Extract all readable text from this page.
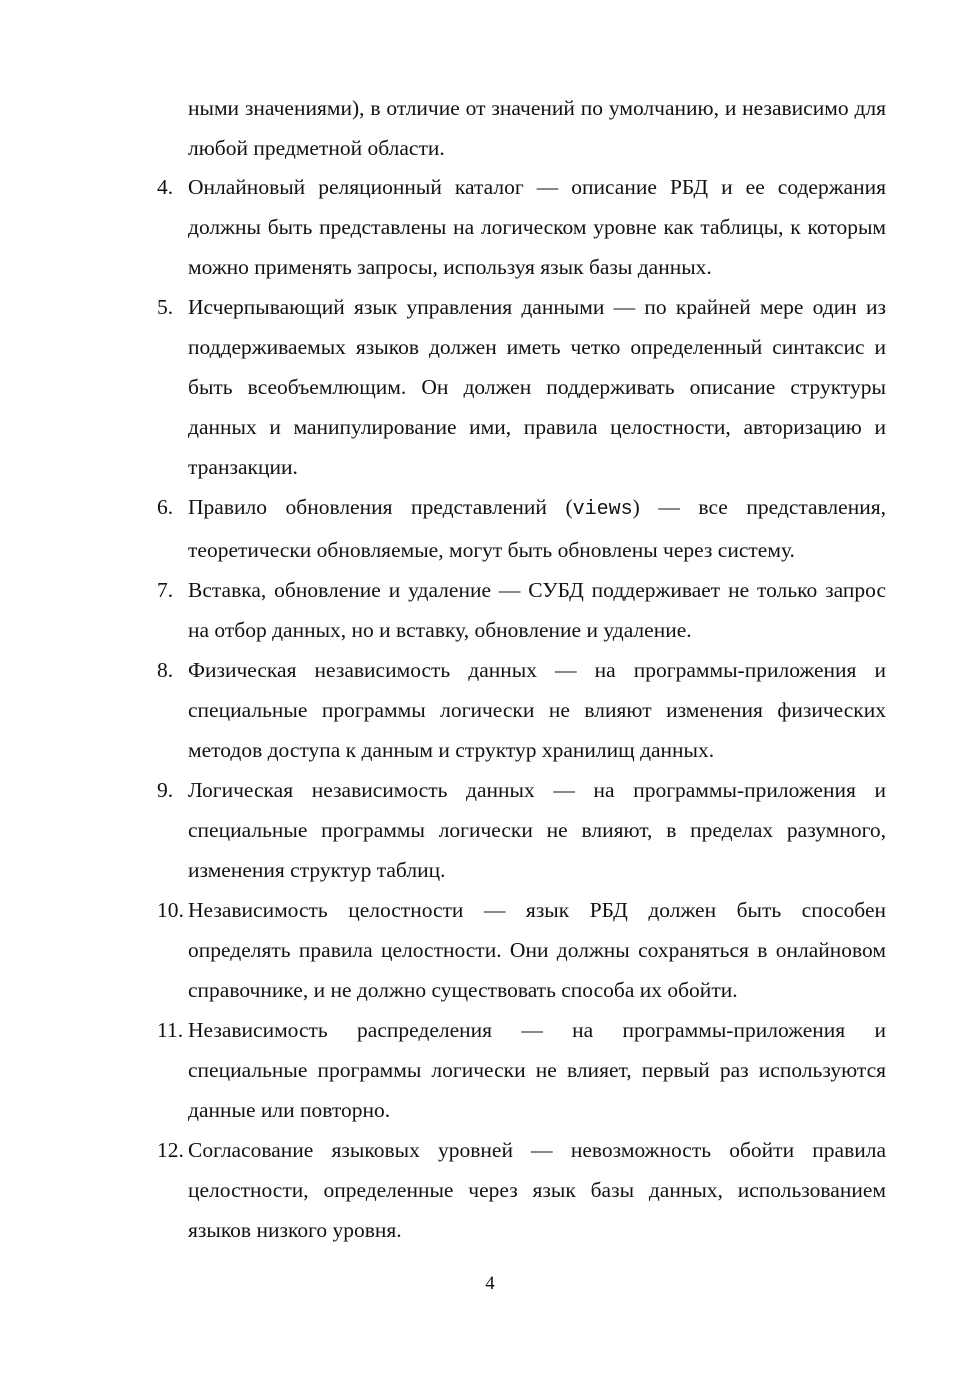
ными значениями), в отличие от значений по умолчанию, и независимо для любой предметной области.

4. Онлайновый реляционный каталог — описание РБД и ее содержания должны быть представлены на логическом уровне как таблицы, к которым можно применять запросы, используя язык базы данных.
5. Исчерпывающий язык управления данными — по крайней мере один из поддерживаемых языков должен иметь четко определенный синтаксис и быть всеобъемлющим. Он должен поддерживать описание структуры данных и манипулирование ими, правила целостности, авторизацию и транзакции.
6. Правило обновления представлений (views) — все представления, теоретически обновляемые, могут быть обновлены через систему.
7. Вставка, обновление и удаление — СУБД поддерживает не только запрос на отбор данных, но и вставку, обновление и удаление.
8. Физическая независимость данных — на программы-приложения и специальные программы логически не влияют изменения физических методов доступа к данным и структур хранилищ данных.
9. Логическая независимость данных — на программы-приложения и специальные программы логически не влияют, в пределах разумного, изменения структур таблиц.
10. Независимость целостности — язык РБД должен быть способен определять правила целостности. Они должны сохраняться в онлайновом справочнике, и не должно существовать способа их обойти.
11. Независимость распределения — на программы-приложения и специальные программы логически не влияет, первый раз используются данные или повторно.
12. Согласование языковых уровней — невозможность обойти правила целостности, определенные через язык базы данных, использованием языков низкого уровня.
4
